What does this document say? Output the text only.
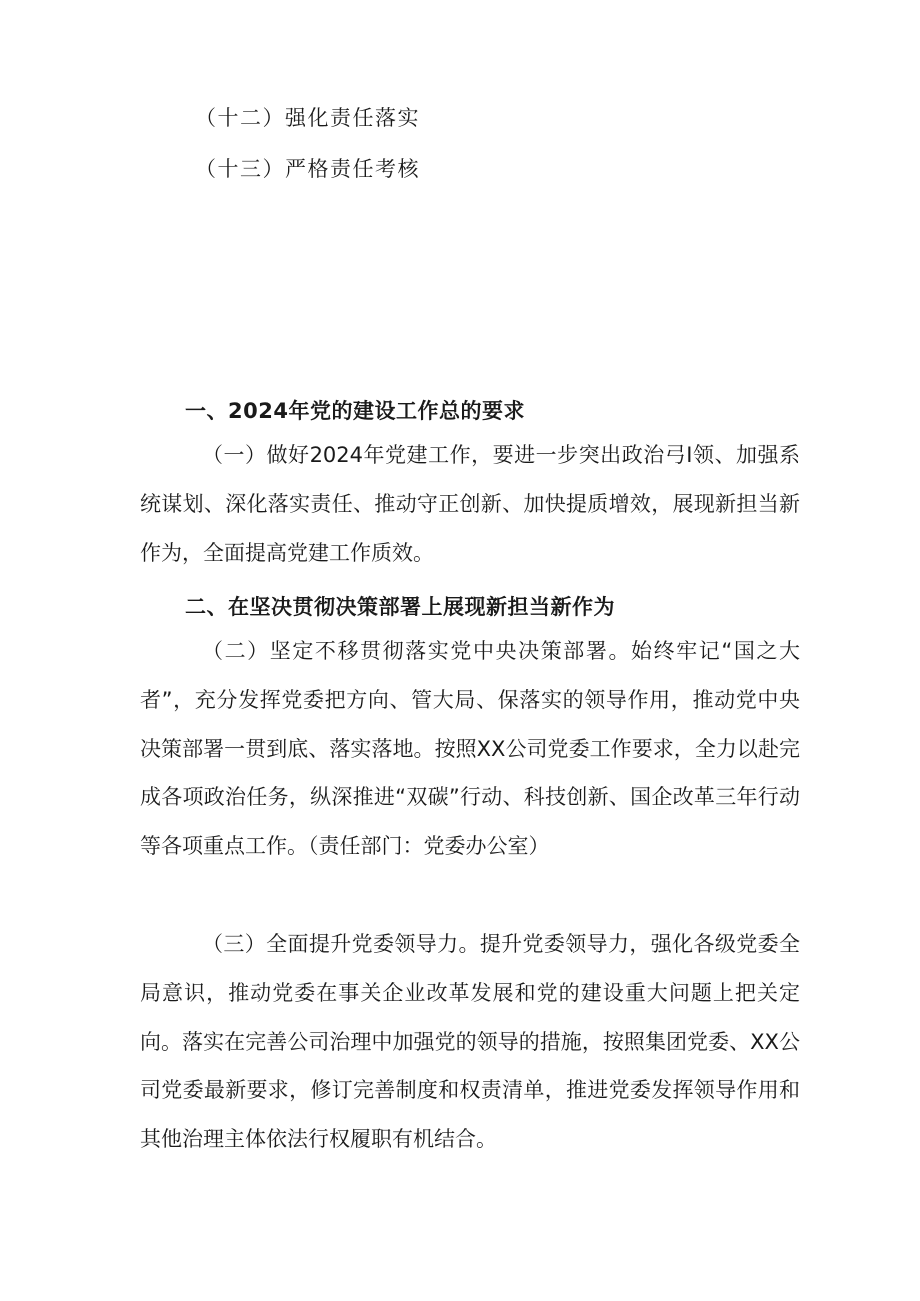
（十二）强化责任落实
（十三）严格责任考核
一、2024年党的建设工作总的要求
（一）做好2024年党建工作，要进一步突出政治弓I领、加强系统谋划、深化落实责任、推动守正创新、加快提质增效，展现新担当新作为，全面提高党建工作质效。
二、在坚决贯彻决策部署上展现新担当新作为
（二）坚定不移贯彻落实党中央决策部署。始终牢记“国之大者”，充分发挥党委把方向、管大局、保落实的领导作用，推动党中央决策部署一贯到底、落实落地。按照XX公司党委工作要求，全力以赴完成各项政治任务，纵深推进“双碳”行动、科技创新、国企改革三年行动等各项重点工作。（责任部门：党委办公室）
（三）全面提升党委领导力。提升党委领导力，强化各级党委全局意识，推动党委在事关企业改革发展和党的建设重大问题上把关定向。落实在完善公司治理中加强党的领导的措施，按照集团党委、XX公司党委最新要求，修订完善制度和权责清单，推进党委发挥领导作用和其他治理主体依法行权履职有机结合。
